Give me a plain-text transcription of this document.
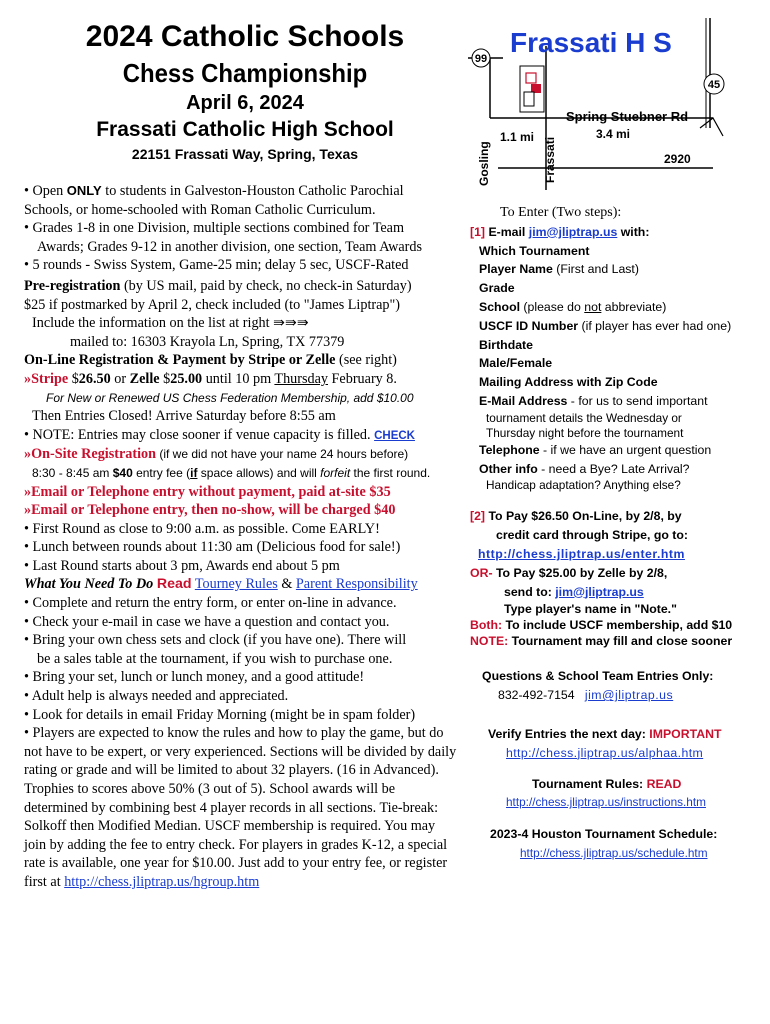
2024 Catholic Schools
Chess Championship
April 6, 2024
Frassati Catholic High School
22151 Frassati Way, Spring, Texas
99
45
Frassati H S
Spring Stuebner Rd
1.1 mi	3.4 mi
2920
Gosling	Frassati

• Open ONLY to students in Galveston-Houston Catholic Parochial

Schools, or home-schooled with Roman Catholic Curriculum.

• Grades 1-8 in one Division, multiple sections combined for Team

Awards; Grades 9-12 in another division, one section, Team Awards

• 5 rounds - Swiss System, Game-25 min; delay 5 sec, USCF-Rated

Pre-registration (by US mail, paid by check, no check-in Saturday)

$25 if postmarked by April 2, check included (to "James Liptrap")

Include the information on the list at right ⇛⇛⇛

mailed to: 16303 Krayola Ln, Spring, TX 77379

On-Line Registration & Payment by Stripe or Zelle (see right)

»Stripe $26.50 or Zelle $25.00 until 10 pm Thursday February 8.

For New or Renewed US Chess Federation Membership, add $10.00

Then Entries Closed! Arrive Saturday before 8:55 am

• NOTE: Entries may close sooner if venue capacity is filled. CHECK

»On-Site Registration (if we did not have your name 24 hours before)

8:30 - 8:45 am $40 entry fee (if space allows) and will forfeit the first round.

»Email or Telephone entry without payment, paid at-site $35

»Email or Telephone entry, then no-show, will be charged $40

• First Round as close to 9:00 a.m. as possible. Come EARLY!

• Lunch between rounds about 11:30 am (Delicious food for sale!)

• Last Round starts about 3 pm, Awards end about 5 pm

What You Need To Do Read Tourney Rules & Parent Responsibility

• Complete and return the entry form, or enter on-line in advance.

• Check your e-mail in case we have a question and contact you.

• Bring your own chess sets and clock (if you have one). There will

be a sales table at the tournament, if you wish to purchase one.

• Bring your set, lunch or lunch money, and a good attitude!

• Adult help is always needed and appreciated.

• Look for details in email Friday Morning (might be in spam folder)

• Players are expected to know the rules and how to play the game, but do not have to be expert, or very experienced. Sections will be divided by daily rating or grade and will be limited to about 32 players. (16 in Advanced). Trophies to scores above 50% (3 out of 5). School awards will be determined by combining best 4 player records in all sections. Tie-break: Solkoff then Modified Median. USCF membership is required. You may join by adding the fee to entry check. For players in grades K-12, a special rate is available, one year for $10.00. Just add to your entry fee, or register first at http://chess.jliptrap.us/hgroup.htm

To Enter (Two steps):

[1] E-mail jim@jliptrap.us with:

Which Tournament

Player Name (First and Last)

Grade

School (please do not abbreviate)

USCF ID Number (if player has ever had one)

Birthdate

Male/Female

Mailing Address with Zip Code

E-Mail Address - for us to send important

tournament details the Wednesday or

Thursday night before the tournament

Telephone - if we have an urgent question

Other info - need a Bye? Late Arrival?

Handicap adaptation? Anything else?

[2] To Pay $26.50 On-Line, by 2/8, by

credit card through Stripe, go to:

http://chess.jliptrap.us/enter.htm

OR- To Pay $25.00 by Zelle by 2/8,

send to: jim@jliptrap.us

Type player's name in "Note."

Both: To include USCF membership, add $10

NOTE: Tournament may fill and close sooner

Questions & School Team Entries Only:

832-492-7154 jim@jliptrap.us

Verify Entries the next day: IMPORTANT

http://chess.jliptrap.us/alphaa.htm

Tournament Rules: READ

http://chess.jliptrap.us/instructions.htm

2023-4 Houston Tournament Schedule:

http://chess.jliptrap.us/schedule.htm
